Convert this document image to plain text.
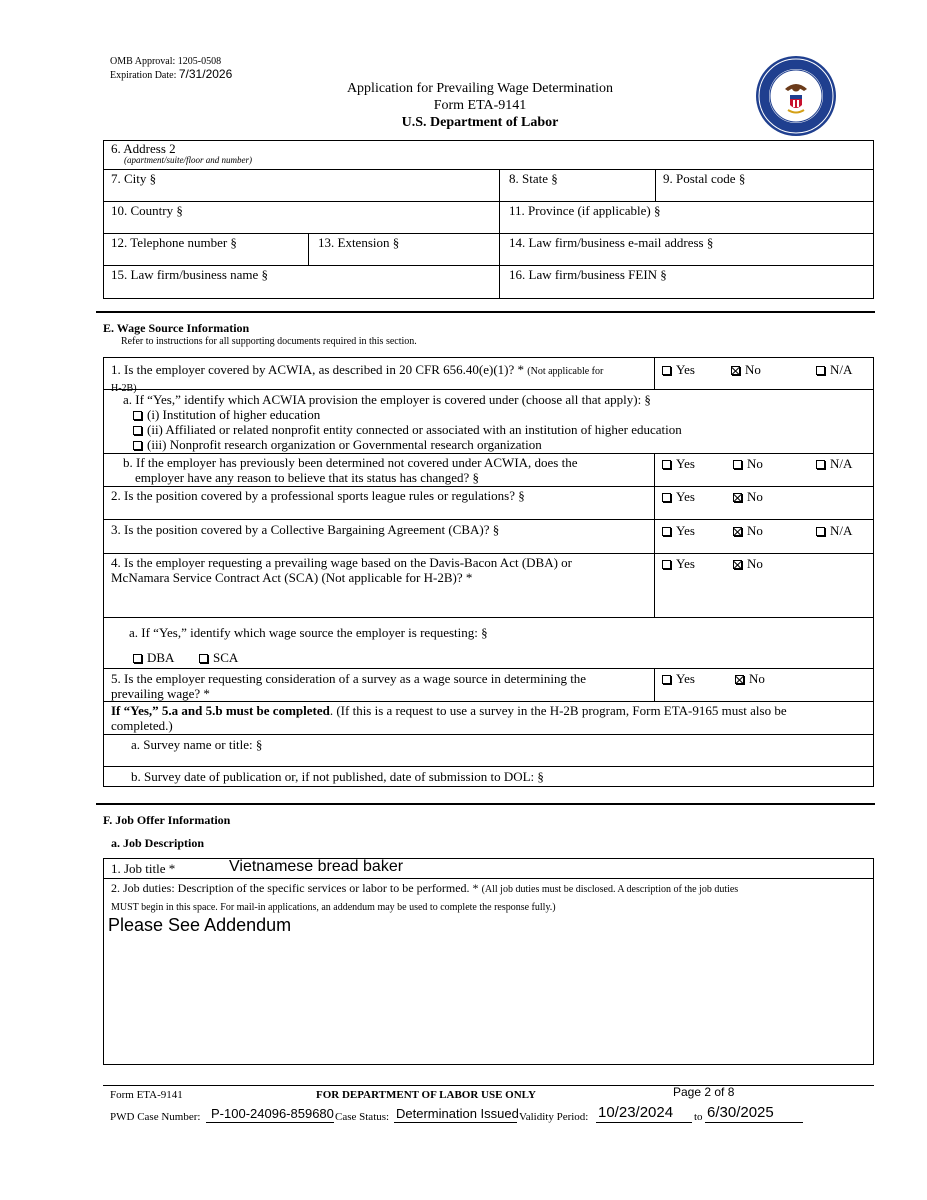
OMB Approval: 1205-0508
Expiration Date: 7/31/2026
Application for Prevailing Wage Determination
Form ETA-9141
U.S. Department of Labor
6. Address 2
(apartment/suite/floor and number)
7. City §	8. State §	9. Postal code §
10. Country §	11. Province (if applicable) §
12. Telephone number §	13. Extension §	14. Law firm/business e-mail address §
15. Law firm/business name §	16. Law firm/business FEIN §
E. Wage Source Information
Refer to instructions for all supporting documents required in this section.
1. Is the employer covered by ACWIA, as described in 20 CFR 656.40(e)(1)? * (Not applicable for
H-2B)
Yes	No	N/A
a. If “Yes,” identify which ACWIA provision the employer is covered under (choose all that apply): §
(i) Institution of higher education
(ii) Affiliated or related nonprofit entity connected or associated with an institution of higher education
(iii) Nonprofit research organization or Governmental research organization
b. If the employer has previously been determined not covered under ACWIA, does the
employer have any reason to believe that its status has changed? §
Yes	No	N/A
2. Is the position covered by a professional sports league rules or regulations? §	Yes	No
3. Is the position covered by a Collective Bargaining Agreement (CBA)? §	Yes	No	N/A
4. Is the employer requesting a prevailing wage based on the Davis-Bacon Act (DBA) or
McNamara Service Contract Act (SCA) (Not applicable for H-2B)? *
Yes	No
a. If “Yes,” identify which wage source the employer is requesting: §
DBA	SCA
5. Is the employer requesting consideration of a survey as a wage source in determining the
prevailing wage? *
Yes	No
If “Yes,” 5.a and 5.b must be completed. (If this is a request to use a survey in the H-2B program, Form ETA-9165 must also be
completed.)
a. Survey name or title: §
b. Survey date of publication or, if not published, date of submission to DOL: §
F. Job Offer Information
a. Job Description
1. Job title *	Vietnamese bread baker
2. Job duties: Description of the specific services or labor to be performed. * (All job duties must be disclosed. A description of the job duties
MUST begin in this space. For mail-in applications, an addendum may be used to complete the response fully.)
Please See Addendum
Form ETA-9141	FOR DEPARTMENT OF LABOR USE ONLY	Page 2 of 8
PWD Case Number: P-100-24096-859680 Case Status: Determination Issued Validity Period: 10/23/2024 to 6/30/2025
